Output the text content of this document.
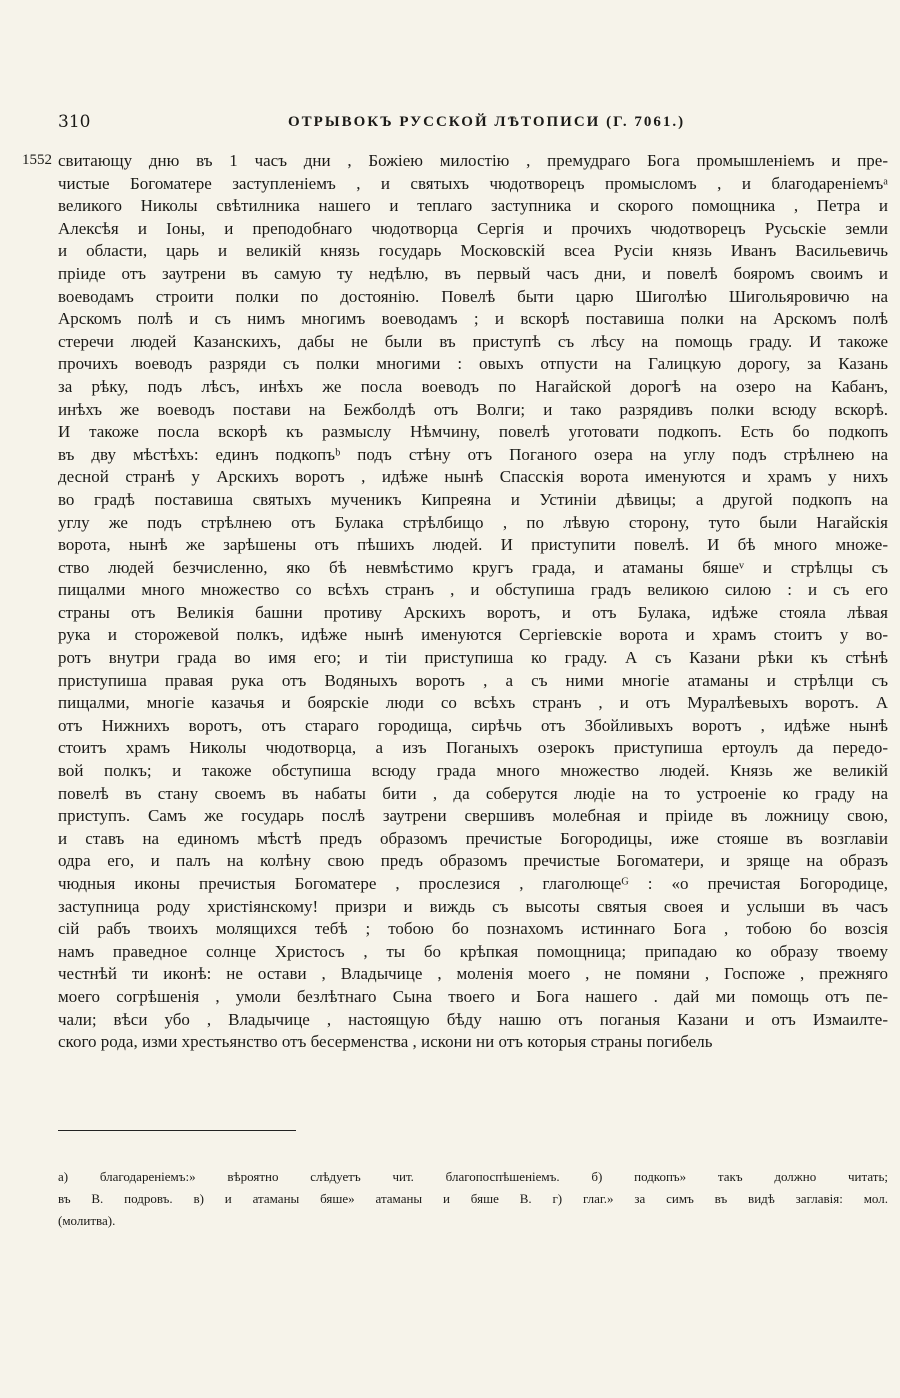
310	ОТРЫВОКЪ РУССКОЙ ЛѢТОПИСИ (Г. 7061.)
1552 свитающу дню въ 1 часъ дни , Божіею милостію , премудраго Бога промышленіемъ и пре-
чистые Богоматере заступленіемъ , и святыхъ чюдотворецъ промысломъ , и благодареніемъᵃ
великого Николы свѣтилника нашего и теплаго заступника и скорого помощника , Петра и
Алексѣя и Іоны, и преподобнаго чюдотворца Сергія и прочихъ чюдотворецъ Русьскіе земли
и области, царь и великій князь государь Московскій всеа Русіи князь Иванъ Васильевичь
пріиде отъ заутрени въ самую ту недѣлю, въ первый часъ дни, и повелѣ бояромъ своимъ и
воеводамъ строити полки по достоянію. Повелѣ быти царю Шиголѣю Шигольяровичю на
Арскомъ полѣ и съ нимъ многимъ воеводамъ ; и вскорѣ поставиша полки на Арскомъ полѣ
стеречи людей Казанскихъ, дабы не были въ приступѣ съ лѣсу на помощь граду. И такоже
прочихъ воеводъ разряди съ полки многими : овыхъ отпусти на Галицкую дорогу, за Казань
за рѣку, подъ лѣсъ, инѣхъ же посла воеводъ по Нагайской дорогѣ на озеро на Кабанъ,
инѣхъ же воеводъ постави на Бежболдѣ отъ Волги; и тако разрядивъ полки всюду вскорѣ.
И такоже посла вскорѣ къ размыслу Нѣмчину, повелѣ уготовати подкопъ. Есть бо подкопъ
въ дву мѣстѣхъ: единъ подкопъᵇ подъ стѣну отъ Поганого озера на углу подъ стрѣлнею на
десной странѣ у Арскихъ воротъ , идѣже нынѣ Спасскія ворота именуются и храмъ у нихъ
во градѣ поставиша святыхъ мученикъ Кипреяна и Устиніи дѣвицы; а другой подкопъ на
углу же подъ стрѣлнею отъ Булака стрѣлбищо , по лѣвую сторону, туто были Нагайскія
ворота, нынѣ же зарѣшены отъ пѣшихъ людей. И приступити повелѣ. И бѣ много множе-
ство людей безчисленно, яко бѣ невмѣстимо кругъ града, и атаманы бяшеᵛ и стрѣлцы съ
пищалми много множество со всѣхъ странъ , и обступиша градъ великою силою : и съ его
страны отъ Великія башни противу Арскихъ воротъ, и отъ Булака, идѣже стояла лѣвая
рука и сторожевой полкъ, идѣже нынѣ именуются Сергіевскіе ворота и храмъ стоитъ у во-
ротъ внутри града во имя его; и тіи приступиша ко граду. А съ Казани рѣки къ стѣнѣ
приступиша правая рука отъ Водяныхъ воротъ , а съ ними многіе атаманы и стрѣлци съ
пищалми, многіе казачья и боярскіе люди со всѣхъ странъ , и отъ Муралѣевыхъ воротъ. А
отъ Нижнихъ воротъ, отъ стараго городища, сирѣчь отъ Збойливыхъ воротъ , идѣже нынѣ
стоитъ храмъ Николы чюдотворца, а изъ Поганыхъ озерокъ приступиша ертоулъ да передо-
вой полкъ; и такоже обступиша всюду града много множество людей. Князь же великій
повелѣ въ стану своемъ въ набаты бити , да соберутся людіе на то устроеніе ко граду на
приступъ. Самъ же государь послѣ заутрени свершивъ молебная и пріиде въ ложницу свою,
и ставъ на единомъ мѣстѣ предъ образомъ пречистые Богородицы, иже стояше въ возглавіи
одра его, и палъ на колѣну свою предъ образомъ пречистые Богоматери, и зряще на образъ
чюдныя иконы пречистыя Богоматере , прослезися , глаголющеᴳ : «о пречистая Богородице,
заступница роду христіянскому! призри и виждь съ высоты святыя своея и услыши въ часъ
сій рабъ твоихъ молящихся тебѣ ; тобою бо познахомъ истиннаго Бога , тобою бо возсія
намъ праведное солнце Христосъ , ты бо крѣпкая помощница; припадаю ко образу твоему
честнѣй ти иконѣ: не остави , Владычице , моленія моего , не помяни , Госпоже , прежняго
моего согрѣшенія , умоли безлѣтнаго Сына твоего и Бога нашего . дай ми помощь отъ пе-
чали; вѣси убо , Владычице , настоящую бѣду нашю отъ поганыя Казани и отъ Измаилте-
ского рода, изми хрестьянство отъ бесерменства , искони ни отъ которыя страны погибель
а) благодареніемъ:» вѣроятно слѣдуетъ чит. благопоспѣшеніемъ. б) подкопъ» такъ должно читать;
въ В. подровъ. в) и атаманы бяше» атаманы и бяше В. г) глаг.» за симъ въ видѣ заглавія: мол.
(молитва).
